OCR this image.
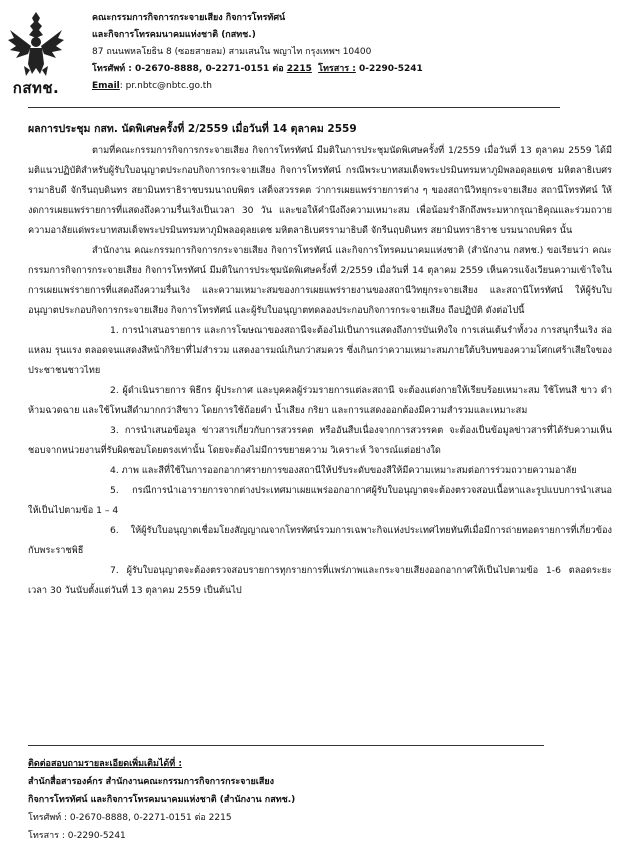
กสทช.
คณะกรรมการกิจการกระจายเสียง กิจการโทรทัศน์
และกิจการโทรคมนาคมแห่งชาติ (กสทช.)
87 ถนนพหลโยธิน 8 (ซอยสายลม) สามเสนใน พญาไท กรุงเทพฯ 10400
โทรศัพท์ : 0-2670-8888, 0-2271-0151 ต่อ 2215 โทรสาร : 0-2290-5241
Email: pr.nbtc@nbtc.go.th
ผลการประชุม กสท. นัดพิเศษครั้งที่ 2/2559 เมื่อวันที่ 14 ตุลาคม 2559

ตามที่คณะกรรมการกิจการกระจายเสียง กิจการโทรทัศน์ มีมติในการประชุมนัดพิเศษครั้งที่ 1/2559 เมื่อวันที่ 13 ตุลาคม 2559 ได้มีมติแนวปฏิบัติสำหรับผู้รับใบอนุญาตประกอบกิจการกระจายเสียง กิจการโทรทัศน์ กรณีพระบาทสมเด็จพระปรมินทรมหาภูมิพลอดุลยเดช มหิตลาธิเบศรรามาธิบดี จักรีนฤบดินทร สยามินทราธิราชบรมนาถบพิตร เสด็จสวรรคต ว่าการเผยแพร่รายการต่าง ๆ ของสถานีวิทยุกระจายเสียง สถานีโทรทัศน์ ให้งดการเผยแพร่รายการที่แสดงถึงความรื่นเริงเป็นเวลา 30 วัน และขอให้คำนึงถึงความเหมาะสม เพื่อน้อมรำลึกถึงพระมหากรุณาธิคุณและร่วมถวายความอาลัยแด่พระบาทสมเด็จพระปรมินทรมหาภูมิพลอดุลยเดช มหิตลาธิเบศรรามาธิบดี จักรีนฤบดินทร สยามินทราธิราช บรมนาถบพิตร นั้น

สำนักงาน คณะกรรมการกิจการกระจายเสียง กิจการโทรทัศน์ และกิจการโทรคมนาคมแห่งชาติ (สำนักงาน กสทช.) ขอเรียนว่า คณะกรรมการกิจการกระจายเสียง กิจการโทรทัศน์ มีมติในการประชุมนัดพิเศษครั้งที่ 2/2559 เมื่อวันที่ 14 ตุลาคม 2559 เห็นควรแจ้งเวียนความเข้าใจในการเผยแพร่รายการที่แสดงถึงความรื่นเริง และความเหมาะสมของการเผยแพร่รายงานของสถานีวิทยุกระจายเสียง และสถานีโทรทัศน์ ให้ผู้รับใบอนุญาตประกอบกิจการกระจายเสียง กิจการโทรทัศน์ และผู้รับใบอนุญาตทดลองประกอบกิจการกระจายเสียง ถือปฏิบัติ ดังต่อไปนี้

1. การนำเสนอรายการ และการโฆษณาของสถานีจะต้องไม่เป็นการแสดงถึงการบันเทิงใจ การเล่นเต้นรำทั้งวง การสนุกรื่นเริง ล่อแหลม รุนแรง ตลอดจนแสดงสีหน้ากิริยาที่ไม่สำรวม แสดงอารมณ์เกินกว่าสมควร ซึ่งเกินกว่าความเหมาะสมภายใต้บริบทของความโศกเศร้าเสียใจของประชาชนชาวไทย

2. ผู้ดำเนินรายการ พิธีกร ผู้ประกาศ และบุคคลผู้ร่วมรายการแต่ละสถานี จะต้องแต่งกายให้เรียบร้อยเหมาะสม ใช้โทนสี ขาว ดำ ห้ามฉวดฉาย และใช้โทนสีดำมากกว่าสีขาว โดยการใช้ถ้อยคำ น้ำเสียง กริยา และการแสดงออกต้องมีความสำรวมและเหมาะสม

3. การนำเสนอข้อมูล ข่าวสารเกี่ยวกับการสวรรคต หรืออันสืบเนื่องจากการสวรรคต จะต้องเป็นข้อมูลข่าวสารที่ได้รับความเห็นชอบจากหน่วยงานที่รับผิดชอบโดยตรงเท่านั้น โดยจะต้องไม่มีการขยายความ วิเคราะห์ วิจารณ์แต่อย่างใด

4. ภาพ และสีที่ใช้ในการออกอากาศรายการของสถานีให้ปรับระดับของสีให้มีความเหมาะสมต่อการร่วมถวายความอาลัย

5. กรณีการนำเอารายการจากต่างประเทศมาเผยแพร่ออกอากาศผู้รับใบอนุญาตจะต้องตรวจสอบเนื้อหาและรูปแบบการนำเสนอให้เป็นไปตามข้อ 1 – 4

6. ให้ผู้รับใบอนุญาตเชื่อมโยงสัญญาณจากโทรทัศน์รวมการเฉพาะกิจแห่งประเทศไทยทันทีเมื่อมีการถ่ายทอดรายการที่เกี่ยวข้องกับพระราชพิธี

7. ผู้รับใบอนุญาตจะต้องตรวจสอบรายการทุกรายการที่แพร่ภาพและกระจายเสียงออกอากาศให้เป็นไปตามข้อ 1-6 ตลอดระยะเวลา 30 วันนับตั้งแต่วันที่ 13 ตุลาคม 2559 เป็นต้นไป

ติดต่อสอบถามรายละเอียดเพิ่มเติมได้ที่ :
สำนักสื่อสารองค์กร สำนักงานคณะกรรมการกิจการกระจายเสียง
กิจการโทรทัศน์ และกิจการโทรคมนาคมแห่งชาติ (สำนักงาน กสทช.)
โทรศัพท์ : 0-2670-8888, 0-2271-0151 ต่อ 2215
โทรสาร : 0-2290-5241
